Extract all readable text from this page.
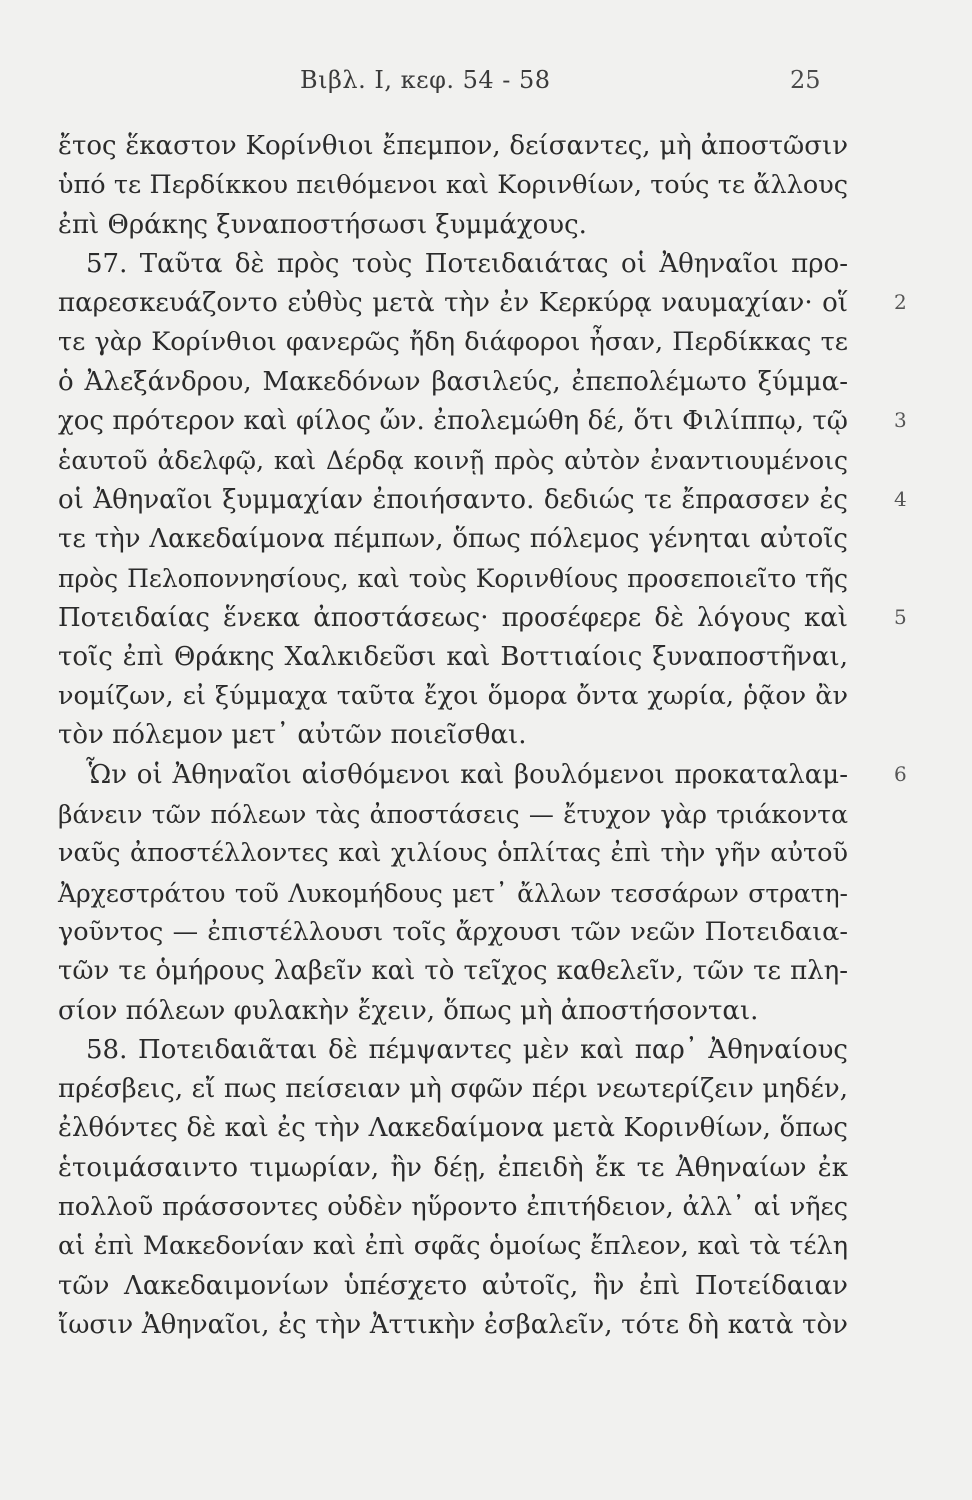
Βιβλ. Ι, κεφ. 54 - 58	25
ἔτος ἕκαστον Κορίνθιοι ἔπεμπον, δείσαντες, μὴ ἀποστῶσιν
ὑπό τε Περδίκκου πειθόμενοι καὶ Κορινθίων, τούς τε ἄλλους
ἐπὶ Θράκης ξυναποστήσωσι ξυμμάχους.
57. Ταῦτα δὲ πρὸς τοὺς Ποτειδαιάτας οἱ Ἀθηναῖοι προ-
παρεσκευάζοντο εὐθὺς μετὰ τὴν ἐν Κερκύρᾳ ναυμαχίαν· οἵ
τε γὰρ Κορίνθιοι φανερῶς ἤδη διάφοροι ἦσαν, Περδίκκας τε
ὁ Ἀλεξάνδρου, Μακεδόνων βασιλεύς, ἐπεπολέμωτο ξύμμα-
χος πρότερον καὶ φίλος ὤν. ἐπολεμώθη δέ, ὅτι Φιλίππῳ, τῷ
ἑαυτοῦ ἀδελφῷ, καὶ Δέρδᾳ κοινῇ πρὸς αὐτὸν ἐναντιουμένοις
οἱ Ἀθηναῖοι ξυμμαχίαν ἐποιήσαντο. δεδιώς τε ἔπρασσεν ἐς
τε τὴν Λακεδαίμονα πέμπων, ὅπως πόλεμος γένηται αὐτοῖς
πρὸς Πελοποννησίους, καὶ τοὺς Κορινθίους προσεποιεῖτο τῆς
Ποτειδαίας ἕνεκα ἀποστάσεως· προσέφερε δὲ λόγους καὶ
τοῖς ἐπὶ Θράκης Χαλκιδεῦσι καὶ Βοττιαίοις ξυναποστῆναι,
νομίζων, εἰ ξύμμαχα ταῦτα ἔχοι ὅμορα ὄντα χωρία, ῥᾷον ἂν
τὸν πόλεμον μετ᾽ αὐτῶν ποιεῖσθαι.
Ὧν οἱ Ἀθηναῖοι αἰσθόμενοι καὶ βουλόμενοι προκαταλαμ-
βάνειν τῶν πόλεων τὰς ἀποστάσεις — ἔτυχον γὰρ τριάκοντα
ναῦς ἀποστέλλοντες καὶ χιλίους ὁπλίτας ἐπὶ τὴν γῆν αὐτοῦ
Ἀρχεστράτου τοῦ Λυκομήδους μετ᾽ ἄλλων τεσσάρων στρατη-
γοῦντος — ἐπιστέλλουσι τοῖς ἄρχουσι τῶν νεῶν Ποτειδαια-
τῶν τε ὁμήρους λαβεῖν καὶ τὸ τεῖχος καθελεῖν, τῶν τε πλη-
σίον πόλεων φυλακὴν ἔχειν, ὅπως μὴ ἀποστήσονται.
58. Ποτειδαιᾶται δὲ πέμψαντες μὲν καὶ παρ᾽ Ἀθηναίους
πρέσβεις, εἴ πως πείσειαν μὴ σφῶν πέρι νεωτερίζειν μηδέν,
ἐλθόντες δὲ καὶ ἐς τὴν Λακεδαίμονα μετὰ Κορινθίων, ὅπως
ἑτοιμάσαιντο τιμωρίαν, ἢν δέῃ, ἐπειδὴ ἔκ τε Ἀθηναίων ἐκ
πολλοῦ πράσσοντες οὐδὲν ηὕροντο ἐπιτήδειον, ἀλλ᾽ αἱ νῆες
αἱ ἐπὶ Μακεδονίαν καὶ ἐπὶ σφᾶς ὁμοίως ἔπλεον, καὶ τὰ τέλη
τῶν Λακεδαιμονίων ὑπέσχετο αὐτοῖς, ἢν ἐπὶ Ποτείδαιαν
ἴωσιν Ἀθηναῖοι, ἐς τὴν Ἀττικὴν ἐσβαλεῖν, τότε δὴ κατὰ τὸν
2
3
4
5
6
